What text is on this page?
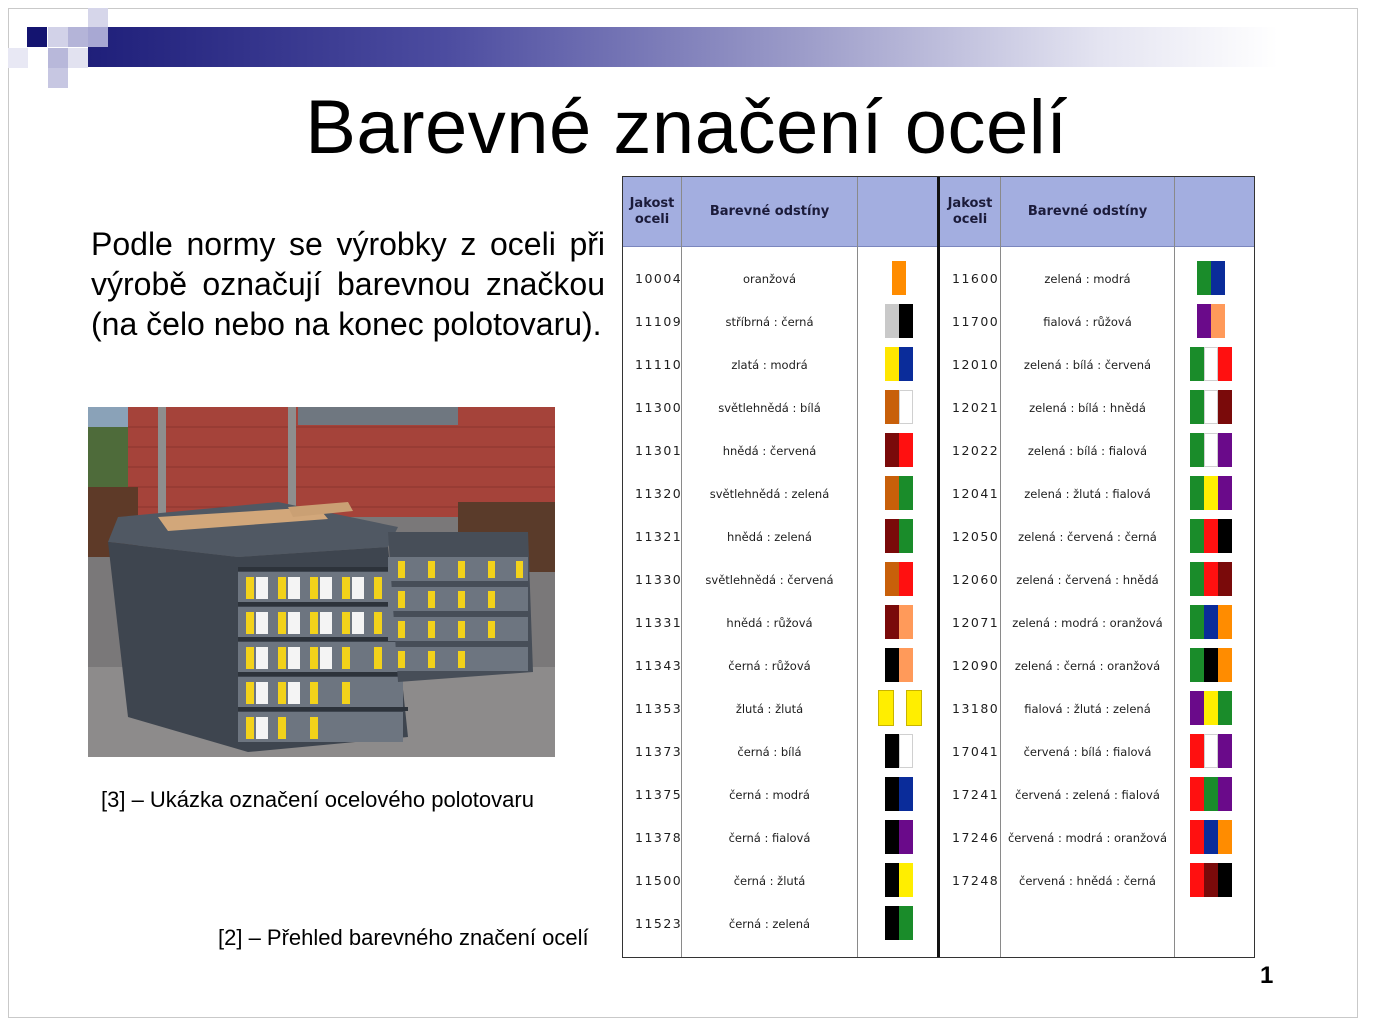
Barevné značení ocelí
Podle normy se výrobky z oceli při výrobě označují barevnou značkou (na čelo nebo na konec polotovaru).
[3] – Ukázka označení ocelového polotovaru
[2] – Přehled barevného značení ocelí
1
Jakost oceli
Barevné odstíny
10004	oranžová
11109	stříbrná : černá
11110	zlatá : modrá
11300	světlehnědá : bílá
11301	hnědá : červená
11320	světlehnědá : zelená
11321	hnědá : zelená
11330	světlehnědá : červená
11331	hnědá : růžová
11343	černá : růžová
11353	žlutá : žlutá
11373	černá : bílá
11375	černá : modrá
11378	černá : fialová
11500	černá : žlutá
11523	černá : zelená
Jakost oceli
Barevné odstíny
11600	zelená : modrá
11700	fialová : růžová
12010	zelená : bílá : červená
12021	zelená : bílá : hnědá
12022	zelená : bílá : fialová
12041	zelená : žlutá : fialová
12050	zelená : červená : černá
12060	zelená : červená : hnědá
12071	zelená : modrá : oranžová
12090	zelená : černá : oranžová
13180	fialová : žlutá : zelená
17041	červená : bílá : fialová
17241	červená : zelená : fialová
17246 červená : modrá : oranžová
17248	červená : hnědá : černá
